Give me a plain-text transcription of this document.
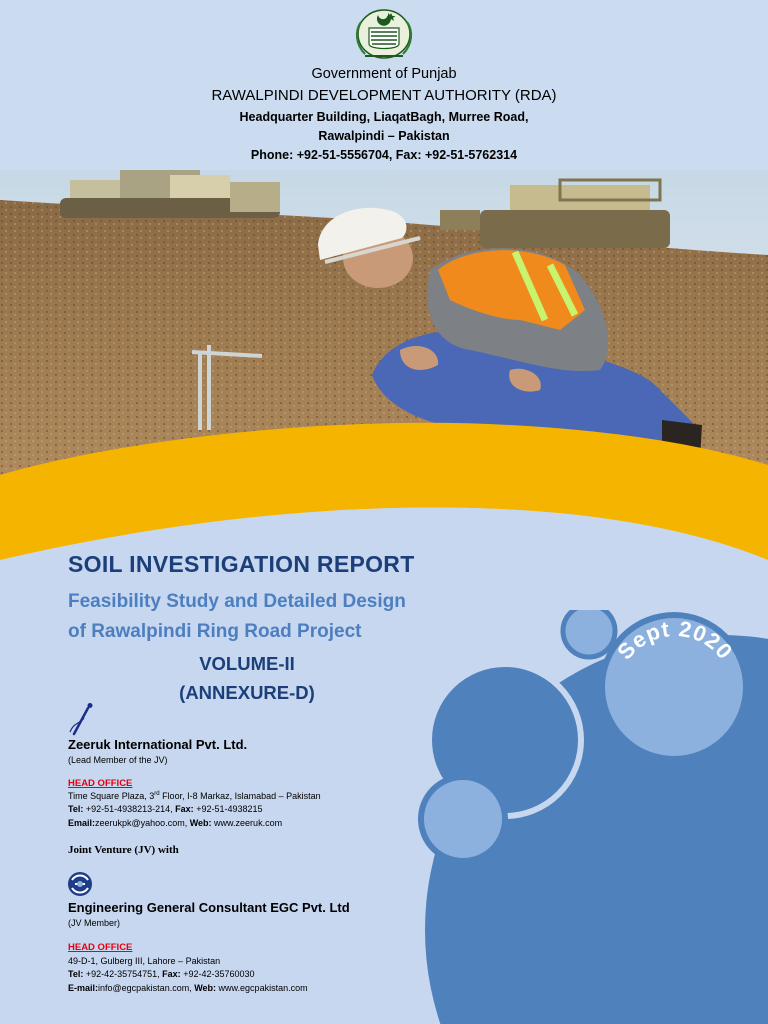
Government of Punjab
RAWALPINDI DEVELOPMENT AUTHORITY (RDA)
Headquarter Building, LiaqatBagh, Murree Road,
Rawalpindi – Pakistan
Phone: +92-51-5556704, Fax: +92-51-5762314
SOIL INVESTIGATION REPORT
Feasibility Study and Detailed Design
of Rawalpindi Ring Road Project
VOLUME-II
(ANNEXURE-D)
Sept 2020
Zeeruk International Pvt. Ltd.
(Lead Member of the JV)
HEAD OFFICE
Time Square Plaza, 3rd Floor, I-8 Markaz, Islamabad – Pakistan
Tel: +92-51-4938213-214, Fax: +92-51-4938215
Email:zeerukpk@yahoo.com, Web: www.zeeruk.com
Joint Venture (JV) with
Engineering General Consultant EGC Pvt. Ltd
(JV Member)
HEAD OFFICE
49-D-1, Gulberg III, Lahore – Pakistan
Tel: +92-42-35754751, Fax: +92-42-35760030
E-mail:info@egcpakistan.com, Web: www.egcpakistan.com
